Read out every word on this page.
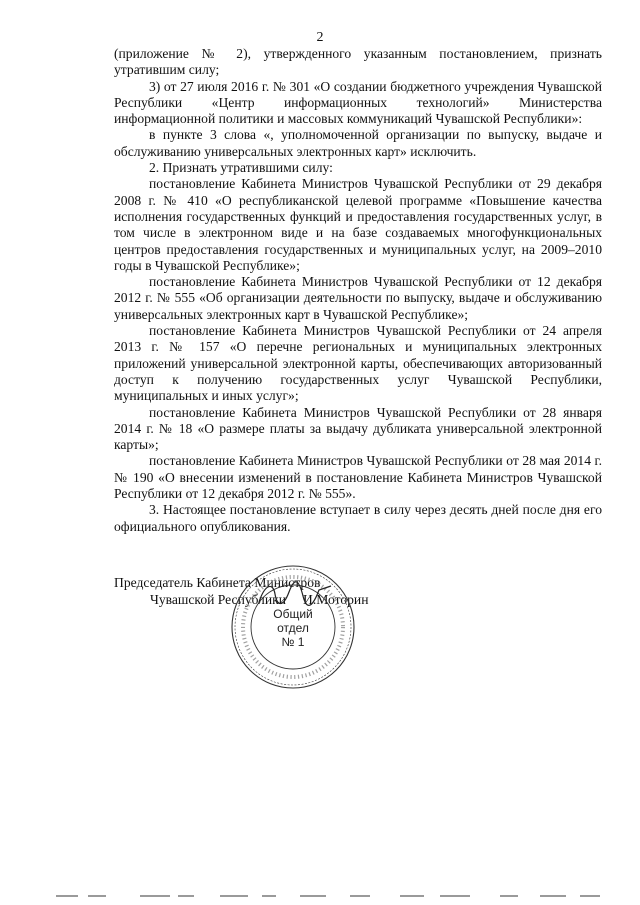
2

(приложение № 2), утвержденного указанным постановлением, признать утратившим силу;

3) от 27 июля 2016 г. № 301 «О создании бюджетного учреждения Чувашской Республики «Центр информационных технологий» Министерства информационной политики и массовых коммуникаций Чувашской Республики»:

в пункте 3 слова «, уполномоченной организации по выпуску, выдаче и обслуживанию универсальных электронных карт» исключить.

2. Признать утратившими силу:

постановление Кабинета Министров Чувашской Республики от 29 декабря 2008 г. № 410 «О республиканской целевой программе «Повышение качества исполнения государственных функций и предоставления государственных услуг, в том числе в электронном виде и на базе создаваемых многофункциональных центров предоставления государственных и муниципальных услуг, на 2009–2010 годы в Чувашской Республике»;

постановление Кабинета Министров Чувашской Республики от 12 декабря 2012 г. № 555 «Об организации деятельности по выпуску, выдаче и обслуживанию универсальных электронных карт в Чувашской Республике»;

постановление Кабинета Министров Чувашской Республики от 24 апреля 2013 г. № 157 «О перечне региональных и муниципальных электронных приложений универсальной электронной карты, обеспечивающих авторизованный доступ к получению государственных услуг Чувашской Республики, муниципальных и иных услуг»;

постановление Кабинета Министров Чувашской Республики от 28 января 2014 г. № 18 «О размере платы за выдачу дубликата универсальной электронной карты»;

постановление Кабинета Министров Чувашской Республики от 28 мая 2014 г. № 190 «О внесении изменений в постановление Кабинета Министров Чувашской Республики от 12 декабря 2012 г. № 555».

3. Настоящее постановление вступает в силу через десять дней после дня его официального опубликования.

Председатель Кабинета Министров
Чувашской Республики И.Моторин
Общий
отдел
№ 1
